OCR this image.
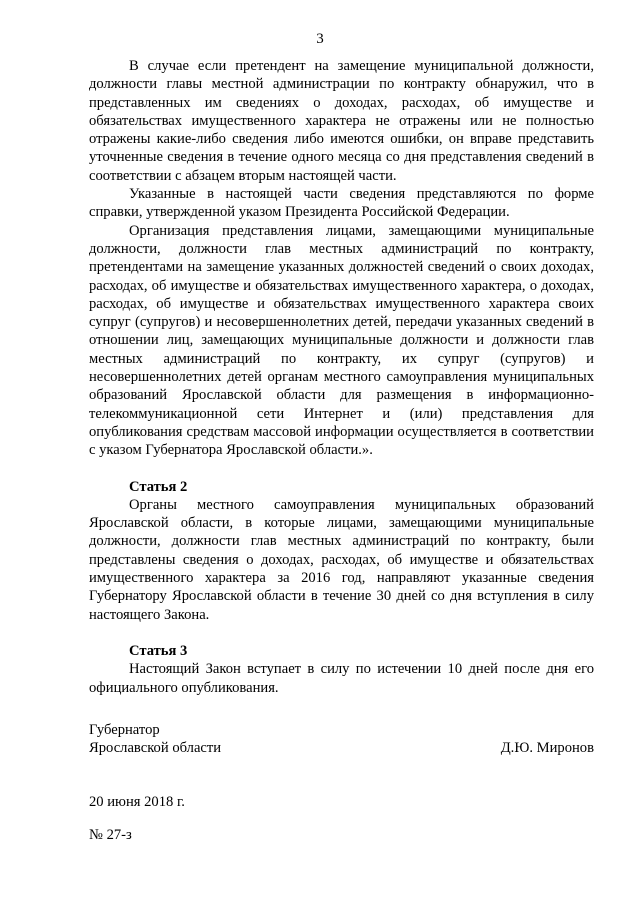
3

В случае если претендент на замещение муниципальной должности, должности главы местной администрации по контракту обнаружил, что в представленных им сведениях о доходах, расходах, об имуществе и обязательствах имущественного характера не отражены или не полностью отражены какие-либо сведения либо имеются ошибки, он вправе представить уточненные сведения в течение одного месяца со дня представления сведений в соответствии с абзацем вторым настоящей части.

Указанные в настоящей части сведения представляются по форме справки, утвержденной указом Президента Российской Федерации.

Организация представления лицами, замещающими муниципальные должности, должности глав местных администраций по контракту, претендентами на замещение указанных должностей сведений о своих доходах, расходах, об имуществе и обязательствах имущественного характера, о доходах, расходах, об имуществе и обязательствах имущественного характера своих супруг (супругов) и несовершеннолетних детей, передачи указанных сведений в отношении лиц, замещающих муниципальные должности и должности глав местных администраций по контракту, их супруг (супругов) и несовершеннолетних детей органам местного самоуправления муниципальных образований Ярославской области для размещения в информационно-телекоммуникационной сети Интернет и (или) представления для опубликования средствам массовой информации осуществляется в соответствии с указом Губернатора Ярославской области.».

Статья 2

Органы местного самоуправления муниципальных образований Ярославской области, в которые лицами, замещающими муниципальные должности, должности глав местных администраций по контракту, были представлены сведения о доходах, расходах, об имуществе и обязательствах имущественного характера за 2016 год, направляют указанные сведения Губернатору Ярославской области в течение 30 дней со дня вступления в силу настоящего Закона.

Статья 3

Настоящий Закон вступает в силу по истечении 10 дней после дня его официального опубликования.

Губернатор
Ярославской области	Д.Ю. Миронов
20 июня 2018 г.
№ 27-з
